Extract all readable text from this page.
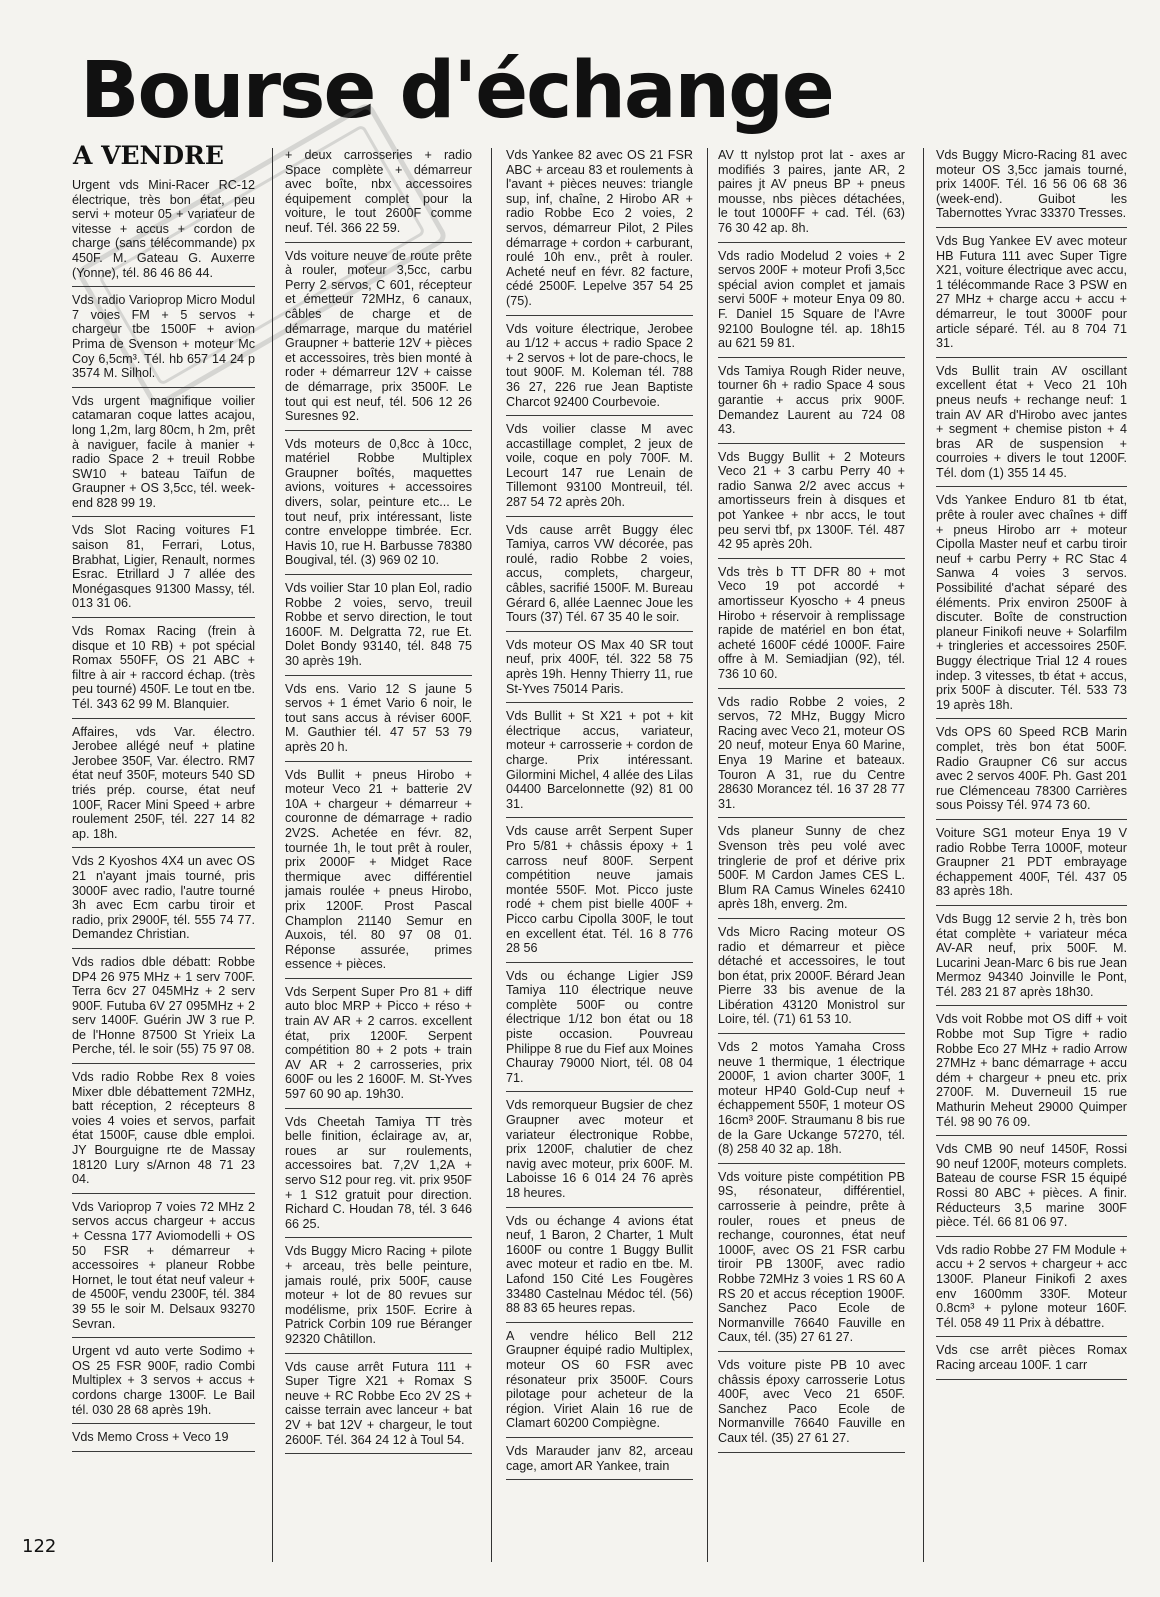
Bourse d'échange
A VENDRE

Urgent vds Mini-Racer RC-12 électrique, très bon état, peu servi + moteur 05 + variateur de vitesse + accus + cordon de charge (sans télécommande) px 450F. M. Gateau G. Auxerre (Yonne), tél. 86 46 86 44.

Vds radio Varioprop Micro Modul 7 voies FM + 5 servos + chargeur tbe 1500F + avion Prima de Svenson + moteur Mc Coy 6,5cm³. Tél. hb 657 14 24 p 3574 M. Silhol.

Vds urgent magnifique voilier catamaran coque lattes acajou, long 1,2m, larg 80cm, h 2m, prêt à naviguer, facile à manier + radio Space 2 + treuil Robbe SW10 + bateau Taïfun de Graupner + OS 3,5cc, tél. week-end 828 99 19.

Vds Slot Racing voitures F1 saison 81, Ferrari, Lotus, Brabhat, Ligier, Renault, normes Esrac. Etrillard J 7 allée des Monégasques 91300 Massy, tél. 013 31 06.

Vds Romax Racing (frein à disque et 10 RB) + pot spécial Romax 550FF, OS 21 ABC + filtre à air + raccord échap. (très peu tourné) 450F. Le tout en tbe. Tél. 343 62 99 M. Blanquier.

Affaires, vds Var. électro. Jerobee allégé neuf + platine Jerobee 350F, Var. électro. RM7 état neuf 350F, moteurs 540 SD triés prép. course, état neuf 100F, Racer Mini Speed + arbre roulement 250F, tél. 227 14 82 ap. 18h.

Vds 2 Kyoshos 4X4 un avec OS 21 n'ayant jmais tourné, pris 3000F avec radio, l'autre tourné 3h avec Ecm carbu tiroir et radio, prix 2900F, tél. 555 74 77. Demandez Christian.

Vds radios dble débatt: Robbe DP4 26 975 MHz + 1 serv 700F. Terra 6cv 27 045MHz + 2 serv 900F. Futuba 6V 27 095MHz + 2 serv 1400F. Guérin JW 3 rue P. de l'Honne 87500 St Yrieix La Perche, tél. le soir (55) 75 97 08.

Vds radio Robbe Rex 8 voies Mixer dble débattement 72MHz, batt réception, 2 récepteurs 8 voies 4 voies et servos, parfait état 1500F, cause dble emploi. JY Bourguigne rte de Massay 18120 Lury s/Arnon 48 71 23 04.

Vds Varioprop 7 voies 72 MHz 2 servos accus chargeur + accus + Cessna 177 Aviomodelli + OS 50 FSR + démarreur + accessoires + planeur Robbe Hornet, le tout état neuf valeur + de 4500F, vendu 2300F, tél. 384 39 55 le soir M. Delsaux 93270 Sevran.

Urgent vd auto verte Sodimo + OS 25 FSR 900F, radio Combi Multiplex + 3 servos + accus + cordons charge 1300F. Le Bail tél. 030 28 68 après 19h.

Vds Memo Cross + Veco 19

+ deux carrosseries + radio Space complète + démarreur avec boîte, nbx accessoires équipement complet pour la voiture, le tout 2600F comme neuf. Tél. 366 22 59.

Vds voiture neuve de route prête à rouler, moteur 3,5cc, carbu Perry 2 servos, C 601, récepteur et émetteur 72MHz, 6 canaux, câbles de charge et de démarrage, marque du matériel Graupner + batterie 12V + pièces et accessoires, très bien monté à roder + démarreur 12V + caisse de démarrage, prix 3500F. Le tout qui est neuf, tél. 506 12 26 Suresnes 92.

Vds moteurs de 0,8cc à 10cc, matériel Robbe Multiplex Graupner boîtés, maquettes avions, voitures + accessoires divers, solar, peinture etc... Le tout neuf, prix intéressant, liste contre enveloppe timbrée. Ecr. Havis 10, rue H. Barbusse 78380 Bougival, tél. (3) 969 02 10.

Vds voilier Star 10 plan Eol, radio Robbe 2 voies, servo, treuil Robbe et servo direction, le tout 1600F. M. Delgratta 72, rue Et. Dolet Bondy 93140, tél. 848 75 30 après 19h.

Vds ens. Vario 12 S jaune 5 servos + 1 émet Vario 6 noir, le tout sans accus à réviser 600F. M. Gauthier tél. 47 57 53 79 après 20 h.

Vds Bullit + pneus Hirobo + moteur Veco 21 + batterie 2V 10A + chargeur + démarreur + couronne de démarrage + radio 2V2S. Achetée en févr. 82, tournée 1h, le tout prêt à rouler, prix 2000F + Midget Race thermique avec différentiel jamais roulée + pneus Hirobo, prix 1200F. Prost Pascal Champlon 21140 Semur en Auxois, tél. 80 97 08 01. Réponse assurée, primes essence + pièces.

Vds Serpent Super Pro 81 + diff auto bloc MRP + Picco + réso + train AV AR + 2 carros. excellent état, prix 1200F. Serpent compétition 80 + 2 pots + train AV AR + 2 carrosseries, prix 600F ou les 2 1600F. M. St-Yves 597 60 90 ap. 19h30.

Vds Cheetah Tamiya TT très belle finition, éclairage av, ar, roues ar sur roulements, accessoires bat. 7,2V 1,2A + servo S12 pour reg. vit. prix 950F + 1 S12 gratuit pour direction. Richard C. Houdan 78, tél. 3 646 66 25.

Vds Buggy Micro Racing + pilote + arceau, très belle peinture, jamais roulé, prix 500F, cause moteur + lot de 80 revues sur modélisme, prix 150F. Ecrire à Patrick Corbin 109 rue Béranger 92320 Châtillon.

Vds cause arrêt Futura 111 + Super Tigre X21 + Romax S neuve + RC Robbe Eco 2V 2S + caisse terrain avec lanceur + bat 2V + bat 12V + chargeur, le tout 2600F. Tél. 364 24 12 à Toul 54.

Vds Yankee 82 avec OS 21 FSR ABC + arceau 83 et roulements à l'avant + pièces neuves: triangle sup, inf, chaîne, 2 Hirobo AR + radio Robbe Eco 2 voies, 2 servos, démarreur Pilot, 2 Piles démarrage + cordon + carburant, roulé 10h env., prêt à rouler. Acheté neuf en févr. 82 facture, cédé 2500F. Lepelve 357 54 25 (75).

Vds voiture électrique, Jerobee au 1/12 + accus + radio Space 2 + 2 servos + lot de pare-chocs, le tout 900F. M. Koleman tél. 788 36 27, 226 rue Jean Baptiste Charcot 92400 Courbevoie.

Vds voilier classe M avec accastillage complet, 2 jeux de voile, coque en poly 700F. M. Lecourt 147 rue Lenain de Tillemont 93100 Montreuil, tél. 287 54 72 après 20h.

Vds cause arrêt Buggy élec Tamiya, carros VW décorée, pas roulé, radio Robbe 2 voies, accus, complets, chargeur, câbles, sacrifié 1500F. M. Bureau Gérard 6, allée Laennec Joue les Tours (37) Tél. 67 35 40 le soir.

Vds moteur OS Max 40 SR tout neuf, prix 400F, tél. 322 58 75 après 19h. Henny Thierry 11, rue St-Yves 75014 Paris.

Vds Bullit + St X21 + pot + kit électrique accus, variateur, moteur + carrosserie + cordon de charge. Prix intéressant. Gilormini Michel, 4 allée des Lilas 04400 Barcelonnette (92) 81 00 31.

Vds cause arrêt Serpent Super Pro 5/81 + châssis époxy + 1 carross neuf 800F. Serpent compétition neuve jamais montée 550F. Mot. Picco juste rodé + chem pist bielle 400F + Picco carbu Cipolla 300F, le tout en excellent état. Tél. 16 8 776 28 56

Vds ou échange Ligier JS9 Tamiya 110 électrique neuve complète 500F ou contre électrique 1/12 bon état ou 18 piste occasion. Pouvreau Philippe 8 rue du Fief aux Moines Chauray 79000 Niort, tél. 08 04 71.

Vds remorqueur Bugsier de chez Graupner avec moteur et variateur électronique Robbe, prix 1200F, chalutier de chez navig avec moteur, prix 600F. M. Laboisse 16 6 014 24 76 après 18 heures.

Vds ou échange 4 avions état neuf, 1 Baron, 2 Charter, 1 Mult 1600F ou contre 1 Buggy Bullit avec moteur et radio en tbe. M. Lafond 150 Cité Les Fougères 33480 Castelnau Médoc tél. (56) 88 83 65 heures repas.

A vendre hélico Bell 212 Graupner équipé radio Multiplex, moteur OS 60 FSR avec résonateur prix 3500F. Cours pilotage pour acheteur de la région. Viriet Alain 16 rue de Clamart 60200 Compiègne.

Vds Marauder janv 82, arceau cage, amort AR Yankee, train

AV tt nylstop prot lat - axes ar modifiés 3 paires, jante AR, 2 paires jt AV pneus BP + pneus mousse, nbs pièces détachées, le tout 1000FF + cad. Tél. (63) 76 30 42 ap. 8h.

Vds radio Modelud 2 voies + 2 servos 200F + moteur Profi 3,5cc spécial avion complet et jamais servi 500F + moteur Enya 09 80. F. Daniel 15 Square de l'Avre 92100 Boulogne tél. ap. 18h15 au 621 59 81.

Vds Tamiya Rough Rider neuve, tourner 6h + radio Space 4 sous garantie + accus prix 900F. Demandez Laurent au 724 08 43.

Vds Buggy Bullit + 2 Moteurs Veco 21 + 3 carbu Perry 40 + radio Sanwa 2/2 avec accus + amortisseurs frein à disques et pot Yankee + nbr accs, le tout peu servi tbf, px 1300F. Tél. 487 42 95 après 20h.

Vds très b TT DFR 80 + mot Veco 19 pot accordé + amortisseur Kyoscho + 4 pneus Hirobo + réservoir à remplissage rapide de matériel en bon état, acheté 1600F cédé 1000F. Faire offre à M. Semiadjian (92), tél. 736 10 60.

Vds radio Robbe 2 voies, 2 servos, 72 MHz, Buggy Micro Racing avec Veco 21, moteur OS 20 neuf, moteur Enya 60 Marine, Enya 19 Marine et bateaux. Touron A 31, rue du Centre 28630 Morancez tél. 16 37 28 77 31.

Vds planeur Sunny de chez Svenson très peu volé avec tringlerie de prof et dérive prix 500F. M Cardon James CES L. Blum RA Camus Wineles 62410 après 18h, enverg. 2m.

Vds Micro Racing moteur OS radio et démarreur et pièce détaché et accessoires, le tout bon état, prix 2000F. Bérard Jean Pierre 33 bis avenue de la Libération 43120 Monistrol sur Loire, tél. (71) 61 53 10.

Vds 2 motos Yamaha Cross neuve 1 thermique, 1 électrique 2000F, 1 avion charter 300F, 1 moteur HP40 Gold-Cup neuf + échappement 550F, 1 moteur OS 16cm³ 200F. Straumanu 8 bis rue de la Gare Uckange 57270, tél. (8) 258 40 32 ap. 18h.

Vds voiture piste compétition PB 9S, résonateur, différentiel, carrosserie à peindre, prête à rouler, roues et pneus de rechange, couronnes, état neuf 1000F, avec OS 21 FSR carbu tiroir PB 1300F, avec radio Robbe 72MHz 3 voies 1 RS 60 A RS 20 et accus réception 1900F. Sanchez Paco Ecole de Normanville 76640 Fauville en Caux, tél. (35) 27 61 27.

Vds voiture piste PB 10 avec châssis époxy carrosserie Lotus 400F, avec Veco 21 650F. Sanchez Paco Ecole de Normanville 76640 Fauville en Caux tél. (35) 27 61 27.

Vds Buggy Micro-Racing 81 avec moteur OS 3,5cc jamais tourné, prix 1400F. Tél. 16 56 06 68 36 (week-end). Guibot les Tabernottes Yvrac 33370 Tresses.

Vds Bug Yankee EV avec moteur HB Futura 111 avec Super Tigre X21, voiture électrique avec accu, 1 télécommande Race 3 PSW en 27 MHz + charge accu + accu + démarreur, le tout 3000F pour article séparé. Tél. au 8 704 71 31.

Vds Bullit train AV oscillant excellent état + Veco 21 10h pneus neufs + rechange neuf: 1 train AV AR d'Hirobo avec jantes + segment + chemise piston + 4 bras AR de suspension + courroies + divers le tout 1200F. Tél. dom (1) 355 14 45.

Vds Yankee Enduro 81 tb état, prête à rouler avec chaînes + diff + pneus Hirobo arr + moteur Cipolla Master neuf et carbu tiroir neuf + carbu Perry + RC Stac 4 Sanwa 4 voies 3 servos. Possibilité d'achat séparé des éléments. Prix environ 2500F à discuter. Boîte de construction planeur Finikofi neuve + Solarfilm + tringleries et accessoires 250F. Buggy électrique Trial 12 4 roues indep. 3 vitesses, tb état + accus, prix 500F à discuter. Tél. 533 73 19 après 18h.

Vds OPS 60 Speed RCB Marin complet, très bon état 500F. Radio Graupner C6 sur accus avec 2 servos 400F. Ph. Gast 201 rue Clémenceau 78300 Carrières sous Poissy Tél. 974 73 60.

Voiture SG1 moteur Enya 19 V radio Robbe Terra 1000F, moteur Graupner 21 PDT embrayage échappement 400F, Tél. 437 05 83 après 18h.

Vds Bugg 12 servie 2 h, très bon état complète + variateur méca AV-AR neuf, prix 500F. M. Lucarini Jean-Marc 6 bis rue Jean Mermoz 94340 Joinville le Pont, Tél. 283 21 87 après 18h30.

Vds voit Robbe mot OS diff + voit Robbe mot Sup Tigre + radio Robbe Eco 27 MHz + radio Arrow 27MHz + banc démarrage + accu dém + chargeur + pneu etc. prix 2700F. M. Duverneuil 15 rue Mathurin Meheut 29000 Quimper Tél. 98 90 76 09.

Vds CMB 90 neuf 1450F, Rossi 90 neuf 1200F, moteurs complets. Bateau de course FSR 15 équipé Rossi 80 ABC + pièces. A finir. Réducteurs 3,5 marine 300F pièce. Tél. 66 81 06 97.

Vds radio Robbe 27 FM Module + accu + 2 servos + chargeur + acc 1300F. Planeur Finikofi 2 axes env 1600mm 330F. Moteur 0.8cm³ + pylone moteur 160F. Tél. 058 49 11 Prix à débattre.

Vds cse arrêt pièces Romax Racing arceau 100F. 1 carr

122
